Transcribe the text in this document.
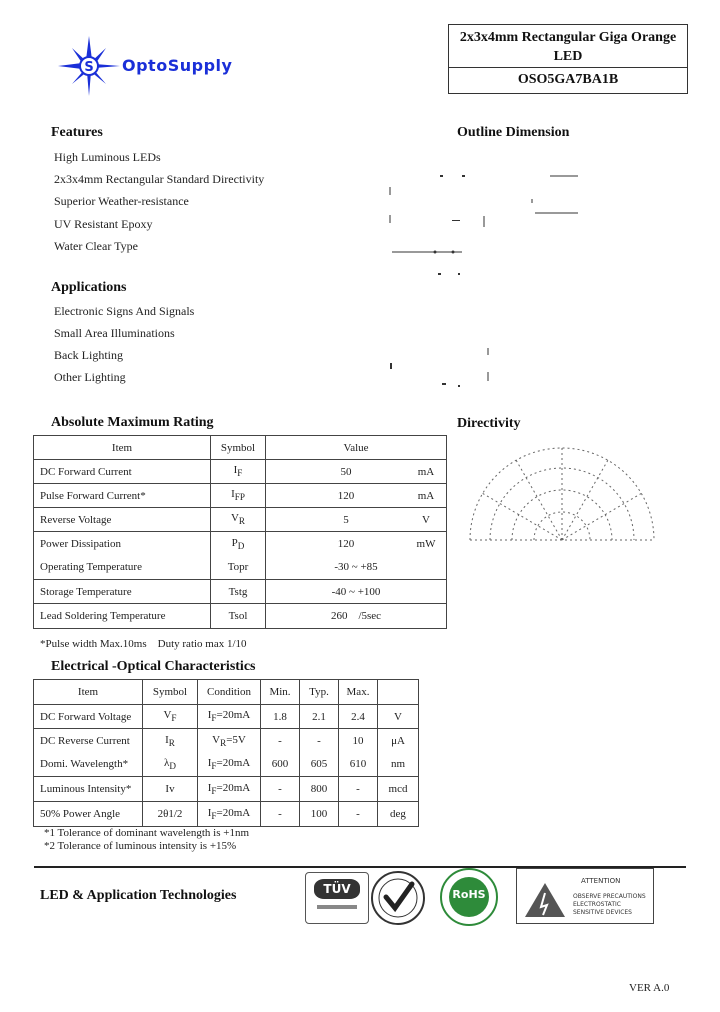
S OptoSupply
2x3x4mm Rectangular Giga Orange
LED
OSO5GA7BA1B
Features
High Luminous LEDs
2x3x4mm Rectangular Standard Directivity
Superior Weather-resistance
UV Resistant Epoxy
Water Clear Type
Applications
Electronic Signs And Signals
Small Area Illuminations
Back Lighting
Other Lighting
Outline Dimension
Directivity
Absolute Maximum Rating
Item	Symbol	Value	
DC Forward Current	$I_F$	50	mA
Pulse Forward Current*	$I_{FP}$	120	mA
Reverse Voltage	$V_R$	5	V
Power Dissipation	$P_D$	120	mW
Operating Temperature	Topr	-30 ~ +85	
Storage Temperature	Tstg	-40 ~ +100	
Lead Soldering Temperature	Tsol	260    /5sec	
*Pulse width Max.10ms    Duty ratio max 1/10
Electrical -Optical Characteristics
Item	Symbol	Condition	Min.	Typ.	Max.	
DC Forward Voltage	$V_F$	$I_F=20mA$	1.8	2.1	2.4	V
DC Reverse Current	$I_R$	$V_R=5V$	-	-	10	μA
Domi. Wavelength*	$\lambda_D$	$I_F=20mA$	600	605	610	nm
Luminous Intensity*	Iv	$I_F=20mA$	-	800	-	mcd
50% Power Angle	2θ1/2	$I_F=20mA$	-	100	-	deg
*1 Tolerance of dominant wavelength is +1nm
*2 Tolerance of luminous intensity is +15%
LED & Application Technologies	TÜV	RoHS
ATTENTION
OBSERVE PRECAUTIONS
ELECTROSTATIC
SENSITIVE DEVICES
VER A.0
